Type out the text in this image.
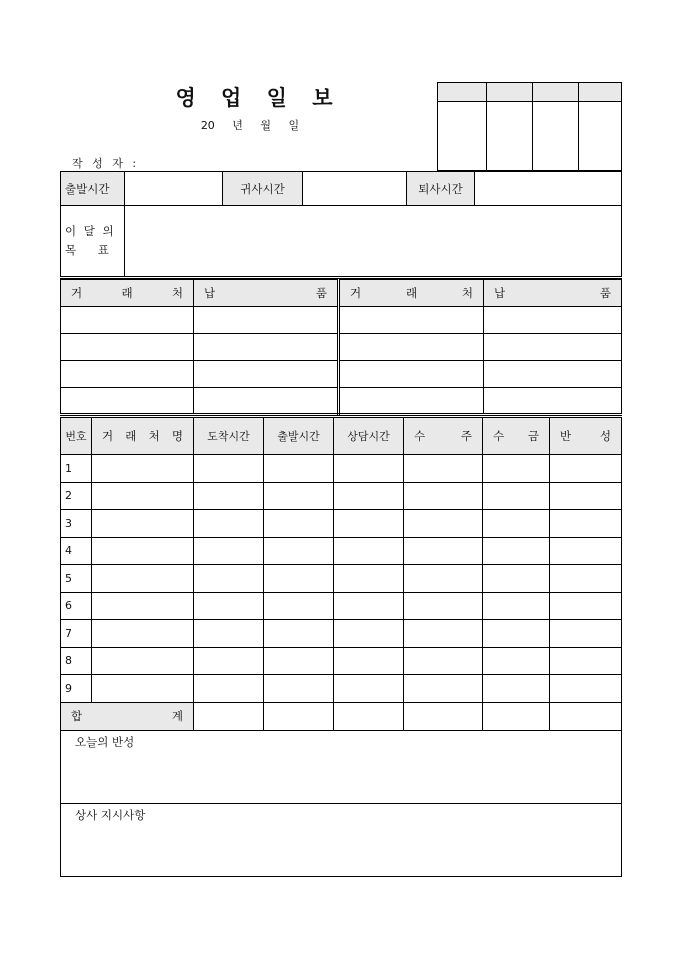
영 업 일 보
20 년 월 일
작 성 자 :

출발시간		귀사시간		퇴사시간	

이 달 의
목 표					

거 래 처	납 품	거 래 처	납 품

번호	거 래 처 명	도착시간	출발시간	상담시간	수 주	수 금	반 성
1							
2							
3							
4							
5							
6							
7							
8							
9							
합 계							
오늘의 반성							
상사 지시사항							
